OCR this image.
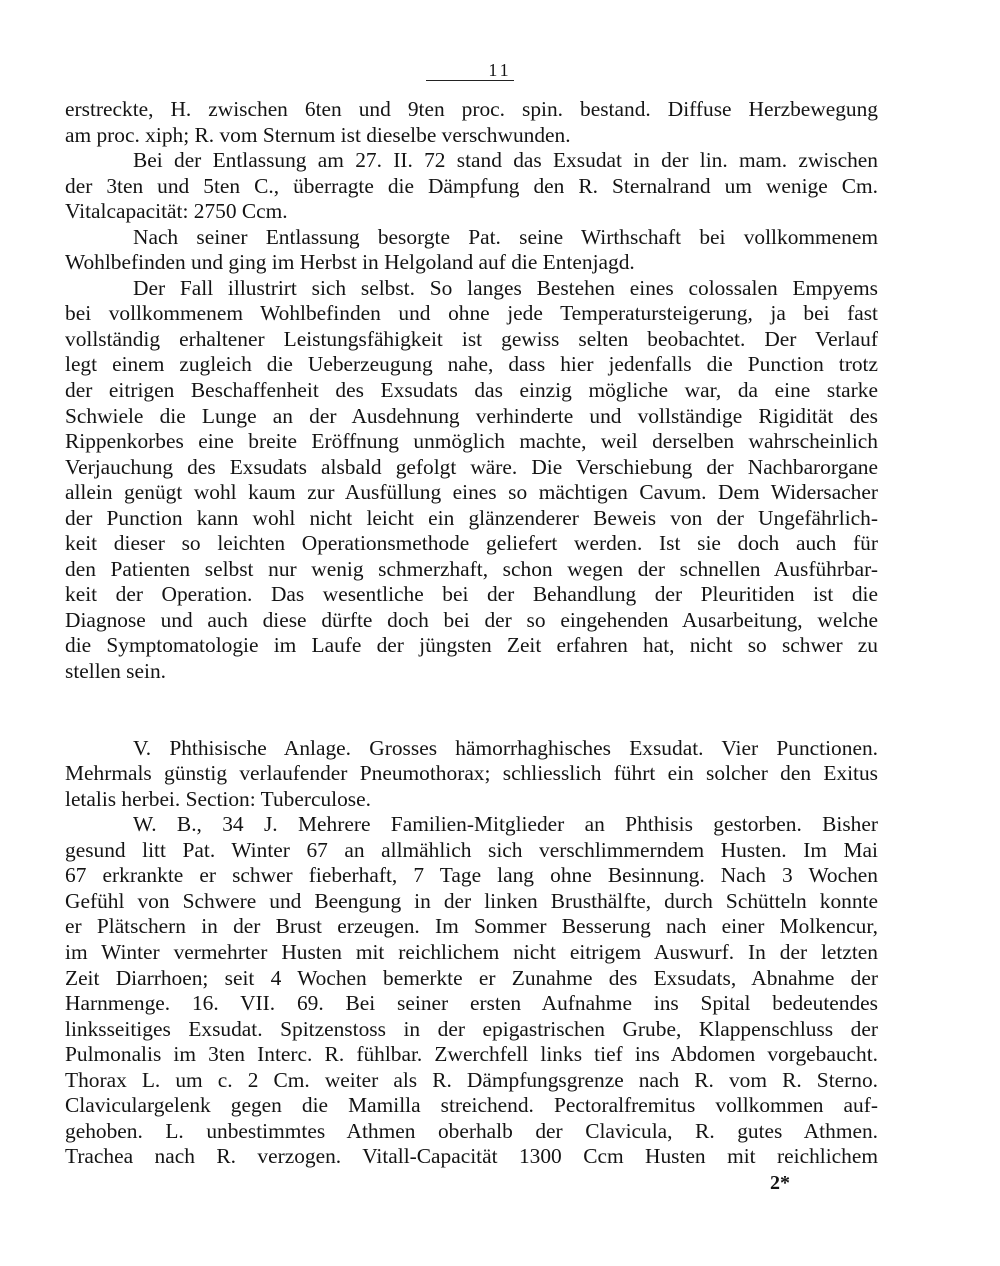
11
erstreckte, H. zwischen 6ten und 9ten proc. spin. bestand. Diffuse Herzbewegung
am proc. xiph; R. vom Sternum ist dieselbe verschwunden.
Bei der Entlassung am 27. II. 72 stand das Exsudat in der lin. mam. zwischen
der 3ten und 5ten C., überragte die Dämpfung den R. Sternalrand um wenige Cm.
Vitalcapacität: 2750 Ccm.
Nach seiner Entlassung besorgte Pat. seine Wirthschaft bei vollkommenem
Wohlbefinden und ging im Herbst in Helgoland auf die Entenjagd.
Der Fall illustrirt sich selbst. So langes Bestehen eines colossalen Empyems
bei vollkommenem Wohlbefinden und ohne jede Temperatursteigerung, ja bei fast
vollständig erhaltener Leistungsfähigkeit ist gewiss selten beobachtet. Der Verlauf
legt einem zugleich die Ueberzeugung nahe, dass hier jedenfalls die Punction trotz
der eitrigen Beschaffenheit des Exsudats das einzig mögliche war, da eine starke
Schwiele die Lunge an der Ausdehnung verhinderte und vollständige Rigidität des
Rippenkorbes eine breite Eröffnung unmöglich machte, weil derselben wahrscheinlich
Verjauchung des Exsudats alsbald gefolgt wäre. Die Verschiebung der Nachbarorgane
allein genügt wohl kaum zur Ausfüllung eines so mächtigen Cavum. Dem Widersacher
der Punction kann wohl nicht leicht ein glänzenderer Beweis von der Ungefährlich-
keit dieser so leichten Operationsmethode geliefert werden. Ist sie doch auch für
den Patienten selbst nur wenig schmerzhaft, schon wegen der schnellen Ausführbar-
keit der Operation. Das wesentliche bei der Behandlung der Pleuritiden ist die
Diagnose und auch diese dürfte doch bei der so eingehenden Ausarbeitung, welche
die Symptomatologie im Laufe der jüngsten Zeit erfahren hat, nicht so schwer zu
stellen sein.
V. Phthisische Anlage. Grosses hämorrhaghisches Exsudat. Vier Punctionen.
Mehrmals günstig verlaufender Pneumothorax; schliesslich führt ein solcher den Exitus
letalis herbei. Section: Tuberculose.
W. B., 34 J. Mehrere Familien-Mitglieder an Phthisis gestorben. Bisher
gesund litt Pat. Winter 67 an allmählich sich verschlimmerndem Husten. Im Mai
67 erkrankte er schwer fieberhaft, 7 Tage lang ohne Besinnung. Nach 3 Wochen
Gefühl von Schwere und Beengung in der linken Brusthälfte, durch Schütteln konnte
er Plätschern in der Brust erzeugen. Im Sommer Besserung nach einer Molkencur,
im Winter vermehrter Husten mit reichlichem nicht eitrigem Auswurf. In der letzten
Zeit Diarrhoen; seit 4 Wochen bemerkte er Zunahme des Exsudats, Abnahme der
Harnmenge. 16. VII. 69. Bei seiner ersten Aufnahme ins Spital bedeutendes
linksseitiges Exsudat. Spitzenstoss in der epigastrischen Grube, Klappenschluss der
Pulmonalis im 3ten Interc. R. fühlbar. Zwerchfell links tief ins Abdomen vorgebaucht.
Thorax L. um c. 2 Cm. weiter als R. Dämpfungsgrenze nach R. vom R. Sterno.
Claviculargelenk gegen die Mamilla streichend. Pectoralfremitus vollkommen auf-
gehoben. L. unbestimmtes Athmen oberhalb der Clavicula, R. gutes Athmen.
Trachea nach R. verzogen. Vitall-Capacität 1300 Ccm Husten mit reichlichem
2*
